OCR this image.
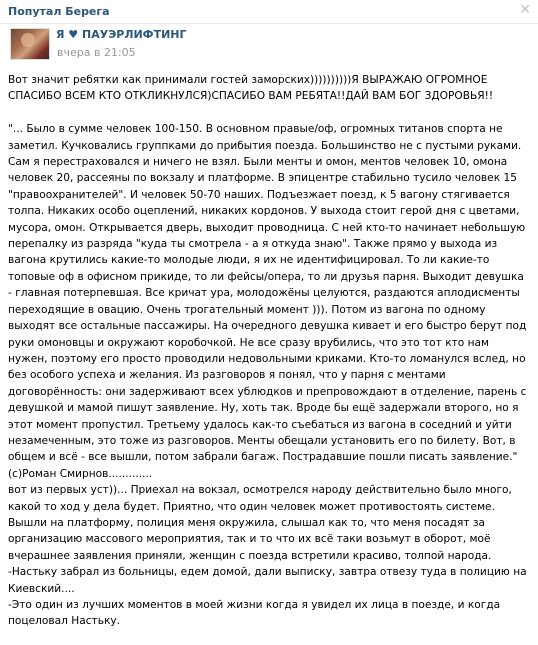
Попутал Берега	✕
Я ♥ ПАУЭРЛИФТИНГ
вчера в 21:05
Вот значит ребятки как принимали гостей заморских))))))))))Я ВЫРАЖАЮ ОГРОМНОЕ СПАСИБО ВСЕМ КТО ОТКЛИКНУЛСЯ)СПАСИБО ВАМ РЕБЯТА!!ДАЙ ВАМ БОГ ЗДОРОВЬЯ!!

"... Было в сумме человек 100-150. В основном правые/оф, огромных титанов спорта не заметил. Кучковались группками до прибытия поезда. Большинство не с пустыми руками. Сам я перестраховался и ничего не взял. Были менты и омон, ментов человек 10, омона человек 20, рассеяны по вокзалу и платформе. В эпицентре стабильно тусило человек 15 "правоохранителей". И человек 50-70 наших. Подъезжает поезд, к 5 вагону стягивается толпа. Никаких особо оцеплений, никаких кордонов. У выхода стоит герой дня с цветами, мусора, омон. Открывается дверь, выходит проводница. С ней кто-то начинает небольшую перепалку из разряда "куда ты смотрела - а я откуда знаю". Также прямо у выхода из вагона крутились какие-то молодые люди, я их не идентифицировал. То ли какие-то топовые оф в офисном прикиде, то ли фейсы/опера, то ли друзья парня. Выходит девушка - главная потерпевшая. Все кричат ура, молодожёны целуются, раздаются аплодисменты переходящие в овацию. Очень трогательный момент ))). Потом из вагона по одному выходят все остальные пассажиры. На очередного девушка кивает и его быстро берут под руки омоновцы и окружают коробочкой. Не все сразу врубились, что это тот кто нам нужен, поэтому его просто проводили недовольными криками. Кто-то ломанулся вслед, но без особого успеха и желания. Из разговоров я понял, что у парня с ментами договорённость: они задерживают всех ублюдков и препровождают в отделение, парень с девушкой и мамой пишут заявление. Ну, хоть так. Вроде бы ещё задержали второго, но я этот момент пропустил. Третьему удалось как-то съебаться из вагона в соседний и уйти незамеченным, это тоже из разговоров. Менты обещали установить его по билету. Вот, в общем и всё - все вышли, потом забрали багаж. Пострадавшие пошли писать заявление." (с)Роман Смирнов.............
вот из первых уст))... Приехал на вокзал, осмотрелся народу действительно было много, какой то ход у дела будет. Приятно, что один человек может противостоять системе. Вышли на платформу, полиция меня окружила, слышал как то, что меня посадят за организацию массового мероприятия, так и то что их всё таки возьмут в оборот, моё вчерашнее заявления приняли, женщин с поезда встретили красиво, толпой народа.
-Настьку забрал из больницы, едем домой, дали выписку, завтра отвезу туда в полицию на Киевский....
-Это один из лучших моментов в моей жизни когда я увидел их лица в поезде, и когда поцеловал Настьку.
